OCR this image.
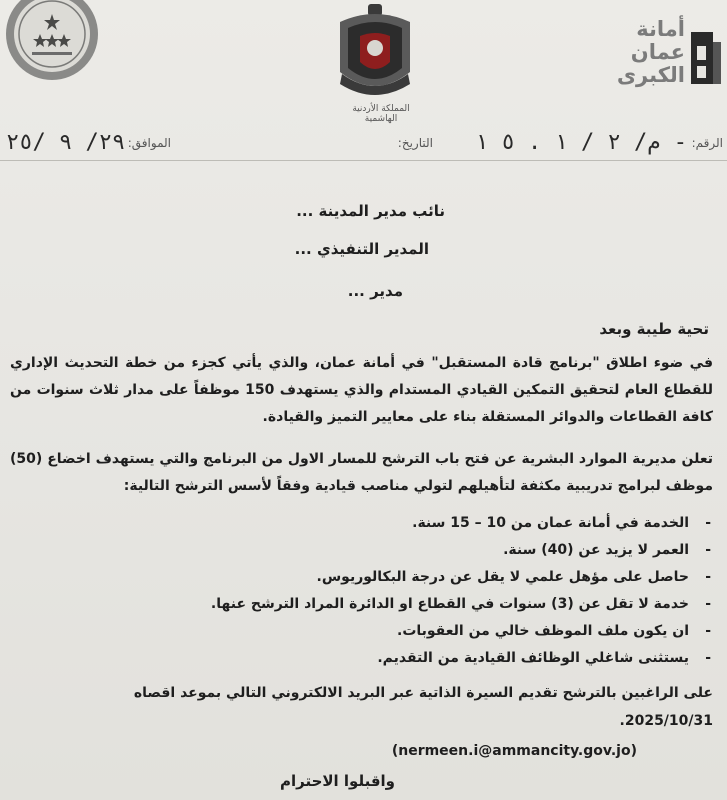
المملكة الأردنية الهاشمية
أمانة
عمان
الكبرى
الرقم:
م/ ٢ / ١ . ٥ ١ -
التاريخ:
الموافق:
٢٩/ ٩ /٢٥
نائب مدير المدينة ...
المدير التنفيذي ...
مدير ...
تحية طيبة وبعد
في ضوء اطلاق "برنامج قادة المستقبل" في أمانة عمان، والذي يأتي كجزء من خطة التحديث الإداري للقطاع العام لتحقيق التمكين القيادي المستدام والذي يستهدف 150 موظفاً على مدار ثلاث سنوات من كافة القطاعات والدوائر المستقلة بناء على معايير التميز والقيادة.
تعلن مديرية الموارد البشرية عن فتح باب الترشح للمسار الاول من البرنامج والتي يستهدف اخضاع (50) موظف لبرامج تدريبية مكثفة لتأهيلهم لتولي مناصب قيادية وفقاً لأسس الترشح التالية:
- الخدمة في أمانة عمان من 10 – 15 سنة.
- العمر لا يزيد عن (40) سنة.
- حاصل على مؤهل علمي لا يقل عن درجة البكالوريوس.
- خدمة لا تقل عن (3) سنوات في القطاع او الدائرة المراد الترشح عنها.
- ان يكون ملف الموظف خالي من العقوبات.
- يستثنى شاغلي الوظائف القيادية من التقديم.
على الراغبين بالترشح تقديم السيرة الذاتية عبر البريد الالكتروني التالي بموعد اقصاه
2025/10/31.
(nermeen.i@ammancity.gov.jo)
واقبلوا الاحترام
